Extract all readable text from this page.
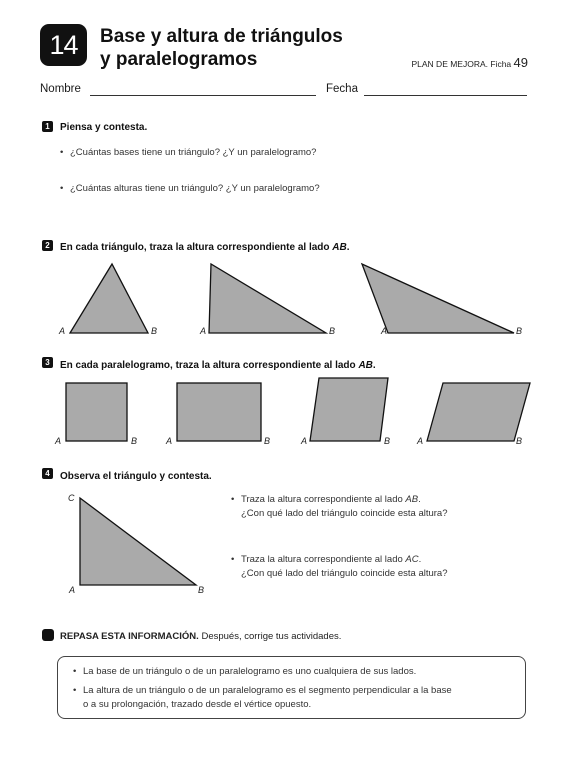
14	Base y altura de triángulos
y paralelogramos	PLAN DE MEJORA. Ficha 49
Nombre	Fecha
1	Piensa y contesta.
• ¿Cuántas bases tiene un triángulo? ¿Y un paralelogramo?
• ¿Cuántas alturas tiene un triángulo? ¿Y un paralelogramo?
2	En cada triángulo, traza la altura correspondiente al lado AB.
A	B	A	B	A	B
3	En cada paralelogramo, traza la altura correspondiente al lado AB.
A	B	A	B	A	B	A	B
4	Observa el triángulo y contesta.
C
A	B
• Traza la altura correspondiente al lado AB.
¿Con qué lado del triángulo coincide esta altura?
• Traza la altura correspondiente al lado AC.
¿Con qué lado del triángulo coincide esta altura?
REPASA ESTA INFORMACIÓN. Después, corrige tus actividades.
• La base de un triángulo o de un paralelogramo es uno cualquiera de sus lados.
• La altura de un triángulo o de un paralelogramo es el segmento perpendicular a la base
o a su prolongación, trazado desde el vértice opuesto.
